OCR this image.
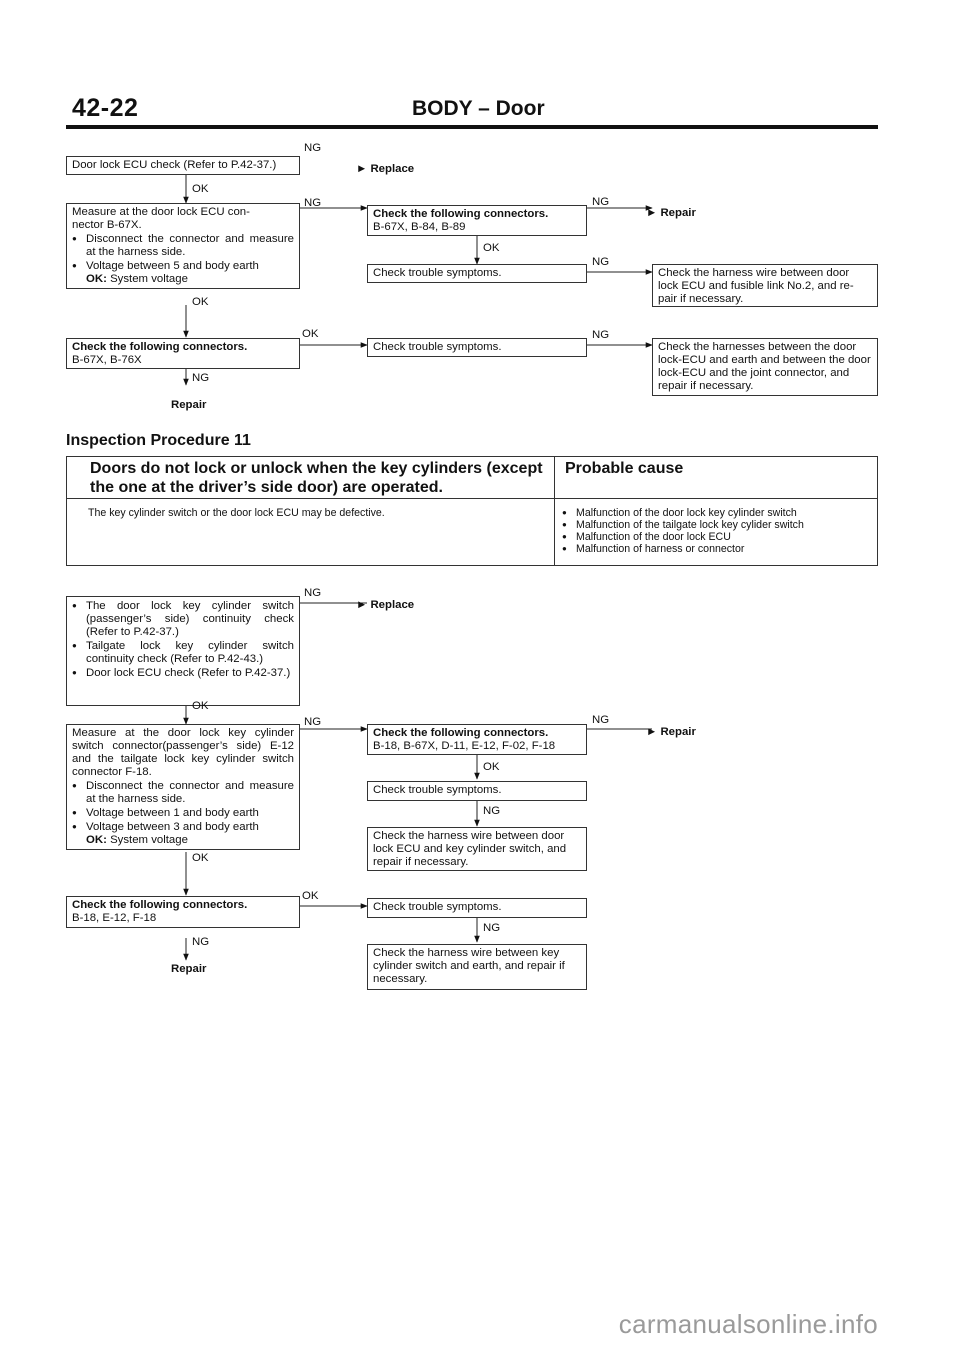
42-22	BODY – Door
Door lock ECU check (Refer to P.42-37.)
NG
► Replace
OK
Measure at the door lock ECU con-
nector B-67X.
● Disconnect the connector and measure at the harness side.
● Voltage between 5 and body earth
OK: System voltage
NG
OK
Check the following connectors.
B-67X, B-84, B-89
NG
► Repair
OK
Check trouble symptoms.
NG
Check the harness wire between door lock ECU and fusible link No.2, and re-pair if necessary.
Check the following connectors.
B-67X, B-76X
OK
NG
Repair
Check trouble symptoms.
NG
Check the harnesses between the door lock-ECU and earth and between the door lock-ECU and the joint connector, and repair if necessary.
Inspection Procedure 11
Doors do not lock or unlock when the key cylinders (except the one at the driver’s side door) are operated.
Probable cause
The key cylinder switch or the door lock ECU may be defective.
●	Malfunction of the door lock key cylinder switch
● Malfunction of the tailgate lock key cylider switch
● Malfunction of the door lock ECU
● Malfunction of harness or connector
● The door lock key cylinder switch (passenger’s side) continuity check (Refer to P.42-37.)
● Tailgate lock key cylinder switch continuity check (Refer to P.42-43.)
● Door lock ECU check (Refer to P.42-37.)
NG
► Replace
OK
Measure at the door lock key cylinder switch connector(passenger’s side) E-12 and the tailgate lock key cylinder switch connector F-18.
● Disconnect the connector and measure at the harness side.
● Voltage between 1 and body earth
● Voltage between 3 and body earth
OK: System voltage
NG
OK
Check the following connectors.
B-18, B-67X, D-11, E-12, F-02, F-18
NG
► Repair
OK
Check trouble symptoms.
NG
Check the harness wire between door lock ECU and key cylinder switch, and repair if necessary.
Check the following connectors.
B-18, E-12, F-18
OK
NG
Repair
Check trouble symptoms.
NG
Check the harness wire between key cylinder switch and earth, and repair if necessary.
carmanualsonline.info
